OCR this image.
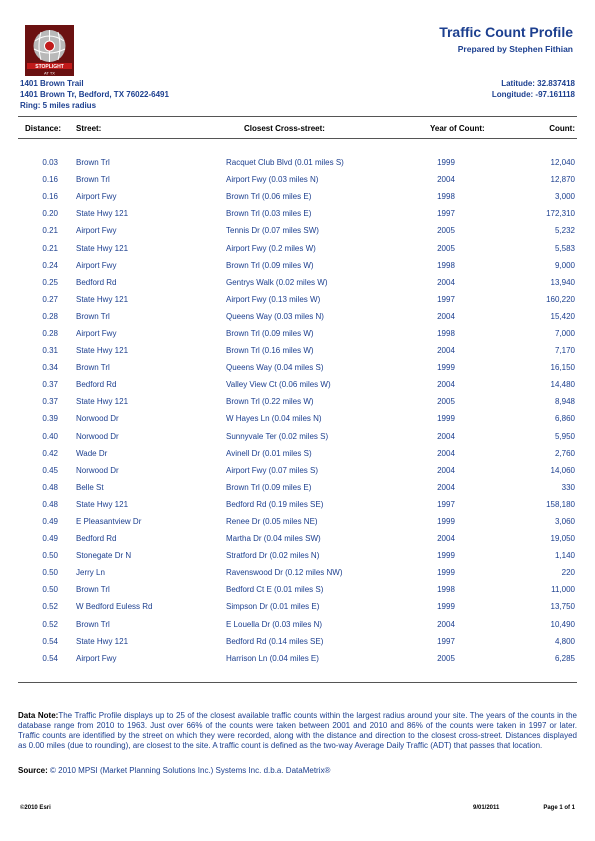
STOPLIGHT
AT TX
Traffic Count Profile
Prepared by Stephen Fithian
1401 Brown Trail
1401 Brown Tr, Bedford, TX 76022-6491
Ring: 5 miles radius
Latitude: 32.837418
Longitude: -97.161118
Distance: Street:	Closest Cross-street:	Year of Count:	Count:
0.03	Brown Trl	Racquet Club Blvd (0.01 miles S)	1999	12,040
0.16	Brown Trl	Airport Fwy (0.03 miles N)	2004	12,870
0.16	Airport Fwy	Brown Trl (0.06 miles E)	1998	3,000
0.20	State Hwy 121	Brown Trl (0.03 miles E)	1997	172,310
0.21	Airport Fwy	Tennis Dr (0.07 miles SW)	2005	5,232
0.21	State Hwy 121	Airport Fwy (0.2 miles W)	2005	5,583
0.24	Airport Fwy	Brown Trl (0.09 miles W)	1998	9,000
0.25	Bedford Rd	Gentrys Walk (0.02 miles W)	2004	13,940
0.27	State Hwy 121	Airport Fwy (0.13 miles W)	1997	160,220
0.28	Brown Trl	Queens Way (0.03 miles N)	2004	15,420
0.28	Airport Fwy	Brown Trl (0.09 miles W)	1998	7,000
0.31	State Hwy 121	Brown Trl (0.16 miles W)	2004	7,170
0.34	Brown Trl	Queens Way (0.04 miles S)	1999	16,150
0.37	Bedford Rd	Valley View Ct (0.06 miles W)	2004	14,480
0.37	State Hwy 121	Brown Trl (0.22 miles W)	2005	8,948
0.39	Norwood Dr	W Hayes Ln (0.04 miles N)	1999	6,860
0.40	Norwood Dr	Sunnyvale Ter (0.02 miles S)	2004	5,950
0.42	Wade Dr	Avinell Dr (0.01 miles S)	2004	2,760
0.45	Norwood Dr	Airport Fwy (0.07 miles S)	2004	14,060
0.48	Belle St	Brown Trl (0.09 miles E)	2004	330
0.48	State Hwy 121	Bedford Rd (0.19 miles SE)	1997	158,180
0.49	E Pleasantview Dr	Renee Dr (0.05 miles NE)	1999	3,060
0.49	Bedford Rd	Martha Dr (0.04 miles SW)	2004	19,050
0.50	Stonegate Dr N	Stratford Dr (0.02 miles N)	1999	1,140
0.50	Jerry Ln	Ravenswood Dr (0.12 miles NW)	1999	220
0.50	Brown Trl	Bedford Ct E (0.01 miles S)	1998	11,000
0.52	W Bedford Euless Rd	Simpson Dr (0.01 miles E)	1999	13,750
0.52	Brown Trl	E Louella Dr (0.03 miles N)	2004	10,490
0.54	State Hwy 121	Bedford Rd (0.14 miles SE)	1997	4,800
0.54	Airport Fwy	Harrison Ln (0.04 miles E)	2005	6,285
Data Note:The Traffic Profile displays up to 25 of the closest available traffic counts within the largest radius around your site. The years of the counts in the database range from 2010 to 1963. Just over 66% of the counts were taken between 2001 and 2010 and 86% of the counts were taken in 1997 or later. Traffic counts are identified by the street on which they were recorded, along with the distance and direction to the closest cross-street. Distances displayed as 0.00 miles (due to rounding), are closest to the site. A traffic count is defined as the two-way Average Daily Traffic (ADT) that passes that location.
Source: © 2010 MPSI (Market Planning Solutions Inc.) Systems Inc. d.b.a. DataMetrix®
©2010 Esri	9/01/2011	Page 1 of 1
